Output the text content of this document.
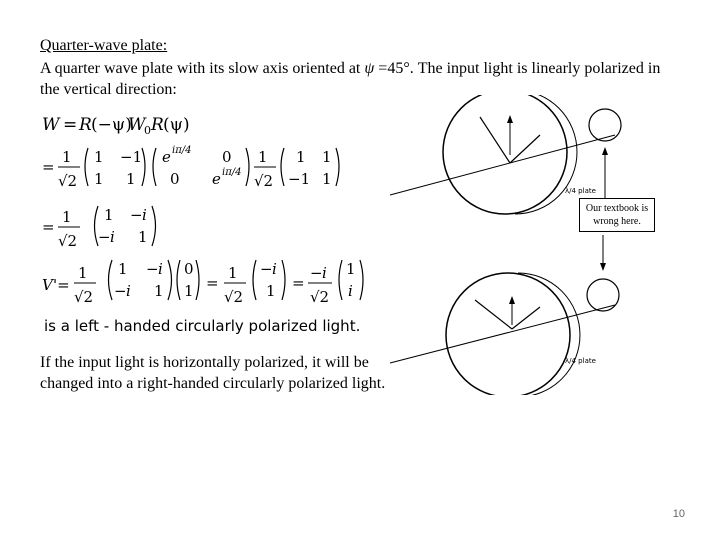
Quarter-wave plate:
A quarter wave plate with its slow axis oriented at ψ =45°. The input light is linearly polarized in the vertical direction:
W = R (−ψ)
W
0 R (ψ)
=
1
√2
1 −1
1 1
e iπ/4 0
0 e iπ/4
1
√2
1 1
−1 1
=
1
√2
1 − i
− i 1
V '=
1
√2
1 − i
− i 1
0
1 =
1
√2
− i
1 =
− i
√2
1
i
is a left - handed circularly polarized light.
λ/4 plate
λ/4 plate
Our textbook is wrong here.
If the input light is horizontally polarized, it will be changed into a right-handed circularly polarized light.
10
